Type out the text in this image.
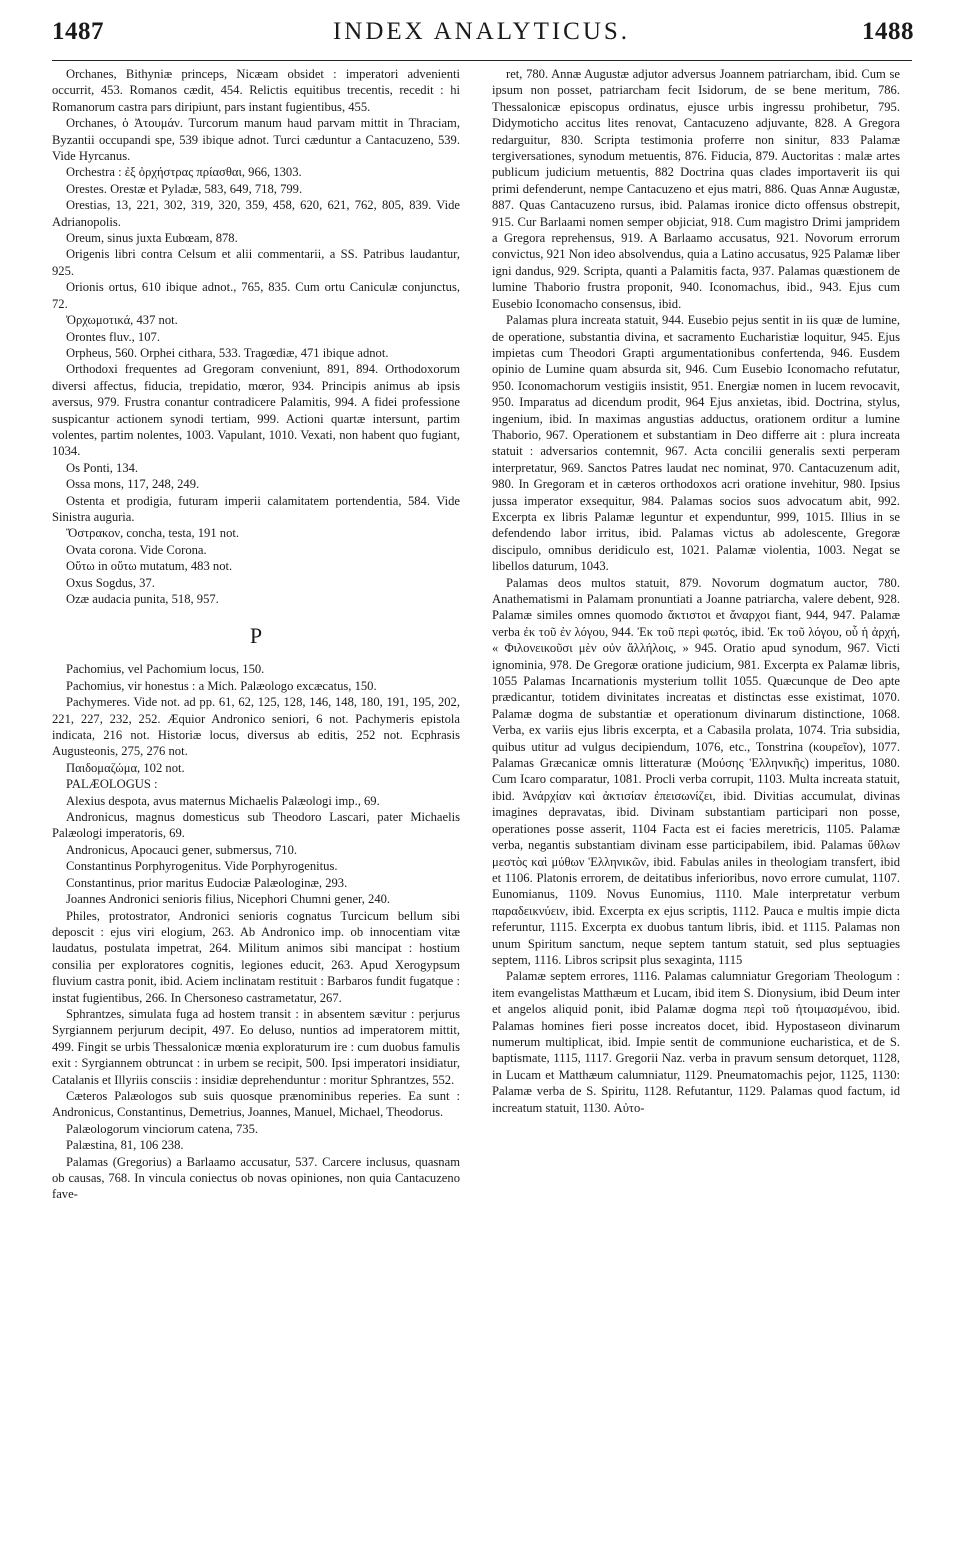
1487	INDEX ANALYTICUS.	1488

Orchanes, Bithyniæ princeps, Nicæam obsidet : imperatori advenienti occurrit, 453. Romanos cædit, 454. Relictis equitibus trecentis, recedit : hi Romanorum castra pars diripiunt, pars instant fugientibus, 455.

Orchanes, ὁ Ἀτουμάν. Turcorum manum haud parvam mittit in Thraciam, Byzantii occupandi spe, 539 ibique adnot. Turci cæduntur a Cantacuzeno, 539. Vide Hyrcanus.

Orchestra : ἐξ ὀρχήστρας πρίασθαι, 966, 1303.

Orestes. Orestæ et Pyladæ, 583, 649, 718, 799.

Orestias, 13, 221, 302, 319, 320, 359, 458, 620, 621, 762, 805, 839. Vide Adrianopolis.

Oreum, sinus juxta Eubœam, 878.

Origenis libri contra Celsum et alii commentarii, a SS. Patribus laudantur, 925.

Orionis ortus, 610 ibique adnot., 765, 835. Cum ortu Caniculæ conjunctus, 72.

Ὀρχωμοτικά, 437 not.

Orontes fluv., 107.

Orpheus, 560. Orphei cithara, 533. Tragœdiæ, 471 ibique adnot.

Orthodoxi frequentes ad Gregoram conveniunt, 891, 894. Orthodoxorum diversi affectus, fiducia, trepidatio, mœror, 934. Principis animus ab ipsis aversus, 979. Frustra conantur contradicere Palamitis, 994. A fidei professione suspicantur actionem synodi tertiam, 999. Actioni quartæ intersunt, partim volentes, partim nolentes, 1003. Vapulant, 1010. Vexati, non habent quo fugiant, 1034.

Os Ponti, 134.

Ossa mons, 117, 248, 249.

Ostenta et prodigia, futuram imperii calamitatem portendentia, 584. Vide Sinistra auguria.

Ὄστρακον, concha, testa, 191 not.

Ovata corona. Vide Corona.

Οὕτω in οὕτω mutatum, 483 not.

Oxus Sogdus, 37.

Ozæ audacia punita, 518, 957.

P

Pachomius, vel Pachomium locus, 150.

Pachomius, vir honestus : a Mich. Palæologo excæcatus, 150.

Pachymeres. Vide not. ad pp. 61, 62, 125, 128, 146, 148, 180, 191, 195, 202, 221, 227, 232, 252. Æquior Andronico seniori, 6 not. Pachymeris epistola indicata, 216 not. Historiæ locus, diversus ab editis, 252 not. Ecphrasis Augusteonis, 275, 276 not.

Παιδομαζώμα, 102 not.

PALÆOLOGUS :

Alexius despota, avus maternus Michaelis Palæologi imp., 69.

Andronicus, magnus domesticus sub Theodoro Lascari, pater Michaelis Palæologi imperatoris, 69.

Andronicus, Apocauci gener, submersus, 710.

Constantinus Porphyrogenitus. Vide Porphyrogenitus.

Constantinus, prior maritus Eudociæ Palæologinæ, 293.

Joannes Andronici senioris filius, Nicephori Chumni gener, 240.

Philes, protostrator, Andronici senioris cognatus Turcicum bellum sibi deposcit : ejus viri elogium, 263. Ab Andronico imp. ob innocentiam vitæ laudatus, postulata impetrat, 264. Militum animos sibi mancipat : hostium consilia per exploratores cognitis, legiones educit, 263. Apud Xerogypsum fluvium castra ponit, ibid. Aciem inclinatam restituit : Barbaros fundit fugatque : instat fugientibus, 266. In Chersoneso castrametatur, 267.

Sphrantzes, simulata fuga ad hostem transit : in absentem sævitur : perjurus Syrgiannem perjurum decipit, 497. Eo deluso, nuntios ad imperatorem mittit, 499. Fingit se urbis Thessalonicæ mœnia exploraturum ire : cum duobus famulis exit : Syrgiannem obtruncat : in urbem se recipit, 500. Ipsi imperatori insidiatur, Catalanis et Illyriis consciis : insidiæ deprehenduntur : moritur Sphrantzes, 552.

Cæteros Palæologos sub suis quosque prænominibus reperies. Ea sunt : Andronicus, Constantinus, Demetrius, Joannes, Manuel, Michael, Theodorus.

Palæologorum vinciorum catena, 735.

Palæstina, 81, 106 238.

Palamas (Gregorius) a Barlaamo accusatur, 537. Carcere inclusus, quasnam ob causas, 768. In vincula coniectus ob novas opiniones, non quia Cantacuzeno fave-

ret, 780. Annæ Augustæ adjutor adversus Joannem patriarcham, ibid. Cum se ipsum non posset, patriarcham fecit Isidorum, de se bene meritum, 786. Thessalonicæ episcopus ordinatus, ejusce urbis ingressu prohibetur, 795. Didymoticho accitus lites renovat, Cantacuzeno adjuvante, 828. A Gregora redarguitur, 830. Scripta testimonia proferre non sinitur, 833 Palamæ tergiversationes, synodum metuentis, 876. Fiducia, 879. Auctoritas : malæ artes publicum judicium metuentis, 882 Doctrina quas clades importaverit iis qui primi defenderunt, nempe Cantacuzeno et ejus matri, 886. Quas Annæ Augustæ, 887. Quas Cantacuzeno rursus, ibid. Palamas ironice dicto offensus obstrepit, 915. Cur Barlaami nomen semper objiciat, 918. Cum magistro Drimi jampridem a Gregora reprehensus, 919. A Barlaamo accusatus, 921. Novorum errorum convictus, 921 Non ideo absolvendus, quia a Latino accusatus, 925 Palamæ liber igni dandus, 929. Scripta, quanti a Palamitis facta, 937. Palamas quæstionem de lumine Thaborio frustra proponit, 940. Iconomachus, ibid., 943. Ejus cum Eusebio Iconomacho consensus, ibid.

Palamas plura increata statuit, 944. Eusebio pejus sentit in iis quæ de lumine, de operatione, substantia divina, et sacramento Eucharistiæ loquitur, 945. Ejus impietas cum Theodori Grapti argumentationibus confertenda, 946. Eusdem opinio de Lumine quam absurda sit, 946. Cum Eusebio Iconomacho refutatur, 950. Iconomachorum vestigiis insistit, 951. Energiæ nomen in lucem revocavit, 950. Imparatus ad dicendum prodit, 964 Ejus anxietas, ibid. Doctrina, stylus, ingenium, ibid. In maximas angustias adductus, orationem orditur a lumine Thaborio, 967. Operationem et substantiam in Deo differre ait : plura increata statuit : adversarios contemnit, 967. Acta concilii generalis sexti perperam interpretatur, 969. Sanctos Patres laudat nec nominat, 970. Cantacuzenum adit, 980. In Gregoram et in cæteros orthodoxos acri oratione invehitur, 980. Ipsius jussa imperator exsequitur, 984. Palamas socios suos advocatum abit, 992. Excerpta ex libris Palamæ leguntur et expenduntur, 999, 1015. Illius in se defendendo labor irritus, ibid. Palamas victus ab adolescente, Gregoræ discipulo, omnibus deridiculo est, 1021. Palamæ violentia, 1003. Negat se libellos daturum, 1043.

Palamas deos multos statuit, 879. Novorum dogmatum auctor, 780. Anathematismi in Palamam pronuntiati a Joanne patriarcha, valere debent, 928. Palamæ similes omnes quomodo ἄκτιστοι et ἄναρχοι fiant, 944, 947. Palamæ verba ἐκ τοῦ ἐν λόγου, 944. Ἐκ τοῦ περὶ φωτός, ibid. Ἐκ τοῦ λόγου, οὗ ἡ ἀρχή, « Φιλονεικοῦσι μὲν οὐν ἄλλήλοις, » 945. Oratio apud synodum, 967. Victi ignominia, 978. De Gregoræ oratione judicium, 981. Excerpta ex Palamæ libris, 1055 Palamas Incarnationis mysterium tollit 1055. Quæcunque de Deo apte prædicantur, totidem divinitates increatas et distinctas esse existimat, 1070. Palamæ dogma de substantiæ et operationum divinarum distinctione, 1068. Verba, ex variis ejus libris excerpta, et a Cabasila prolata, 1074. Tria subsidia, quibus utitur ad vulgus decipiendum, 1076, etc., Tonstrina (κουρεῖον), 1077. Palamas Græcanicæ omnis litteraturæ (Μούσης Ἑλληνικῆς) imperitus, 1080. Cum Icaro comparatur, 1081. Procli verba corrupit, 1103. Multa increata statuit, ibid. Ἀνάρχίαν καὶ ἀκτισίαν ἐπεισωνίζει, ibid. Divitias accumulat, divinas imagines depravatas, ibid. Divinam substantiam participari non posse, operationes posse asserit, 1104 Facta est ei facies meretricis, 1105. Palamæ verba, negantis substantiam divinam esse participabilem, ibid. Palamas ὕθλων μεστὸς καὶ μύθων Ἑλληνικῶν, ibid. Fabulas aniles in theologiam transfert, ibid et 1106. Platonis errorem, de deitatibus inferioribus, novo errore cumulat, 1107. Eunomianus, 1109. Novus Eunomius, 1110. Male interpretatur verbum παραδεικνύειν, ibid. Excerpta ex ejus scriptis, 1112. Pauca e multis impie dicta referuntur, 1115. Excerpta ex duobus tantum libris, ibid. et 1115. Palamas non unum Spiritum sanctum, neque septem tantum statuit, sed plus septuagies septem, 1116. Libros scripsit plus sexaginta, 1115

Palamæ septem errores, 1116. Palamas calumniatur Gregoriam Theologum : item evangelistas Matthæum et Lucam, ibid item S. Dionysium, ibid Deum inter et angelos aliquid ponit, ibid Palamæ dogma περὶ τοῦ ἡτοιμασμένου, ibid. Palamas homines fieri posse increatos docet, ibid. Hypostaseon divinarum numerum multiplicat, ibid. Impie sentit de communione eucharistica, et de S. baptismate, 1115, 1117. Gregorii Naz. verba in pravum sensum detorquet, 1128, in Lucam et Matthæum calumniatur, 1129. Pneumatomachis pejor, 1125, 1130: Palamæ verba de S. Spiritu, 1128. Refutantur, 1129. Palamas quod factum, id increatum statuit, 1130. Αὐτο-
